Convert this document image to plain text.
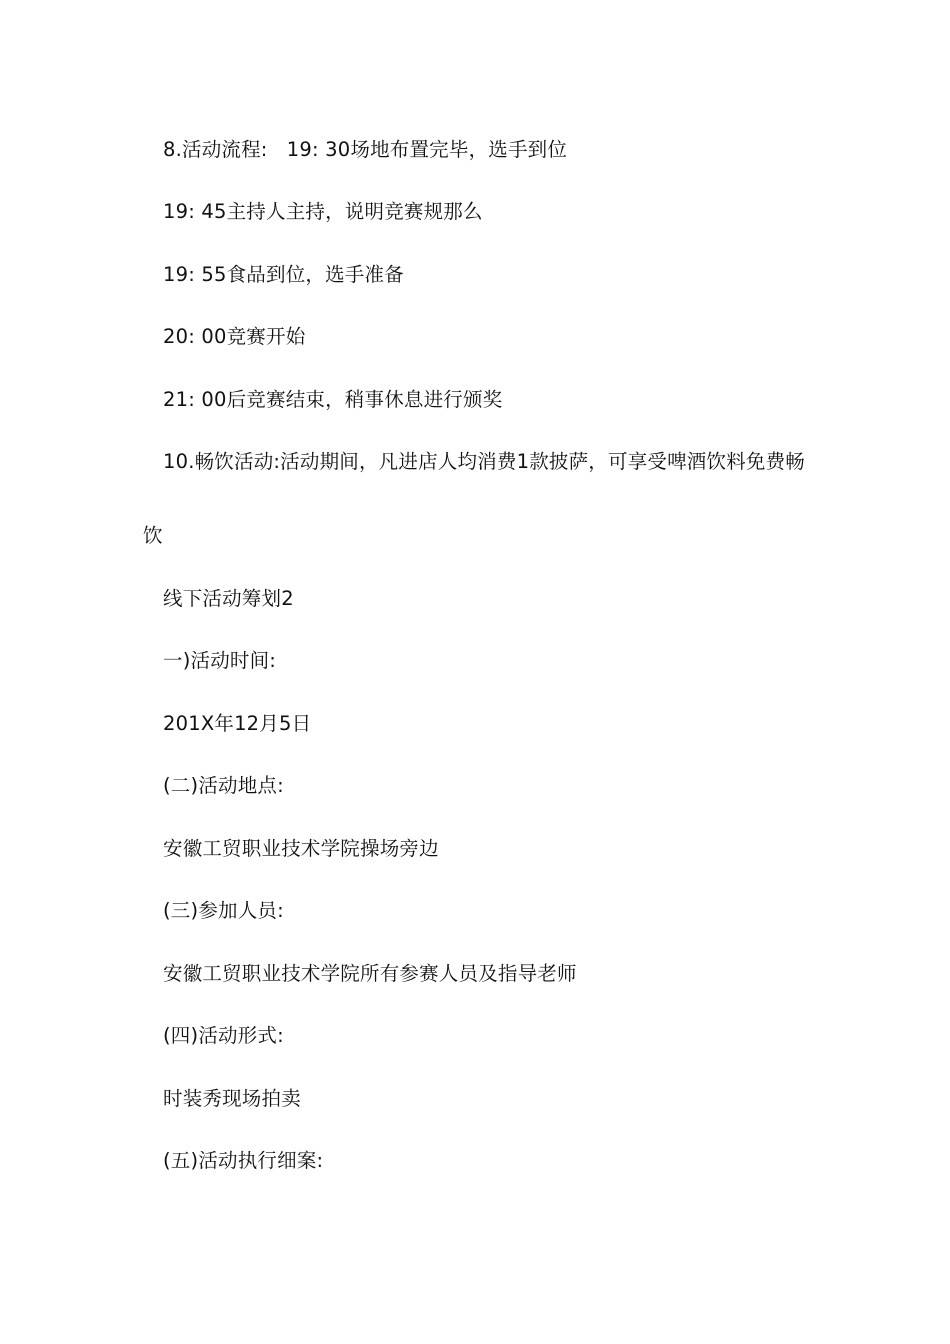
8.活动流程:   19: 30场地布置完毕，选手到位
19: 45主持人主持，说明竞赛规那么
19: 55食品到位，选手准备
20: 00竞赛开始
21: 00后竞赛结束，稍事休息进行颁奖
10.畅饮活动:活动期间，凡进店人均消费1款披萨，可享受啤酒饮料免费畅
饮
线下活动筹划2
一)活动时间:
201X年12月5日
(二)活动地点:
安徽工贸职业技术学院操场旁边
(三)参加人员:
安徽工贸职业技术学院所有参赛人员及指导老师
(四)活动形式:
时装秀现场拍卖
(五)活动执行细案:
